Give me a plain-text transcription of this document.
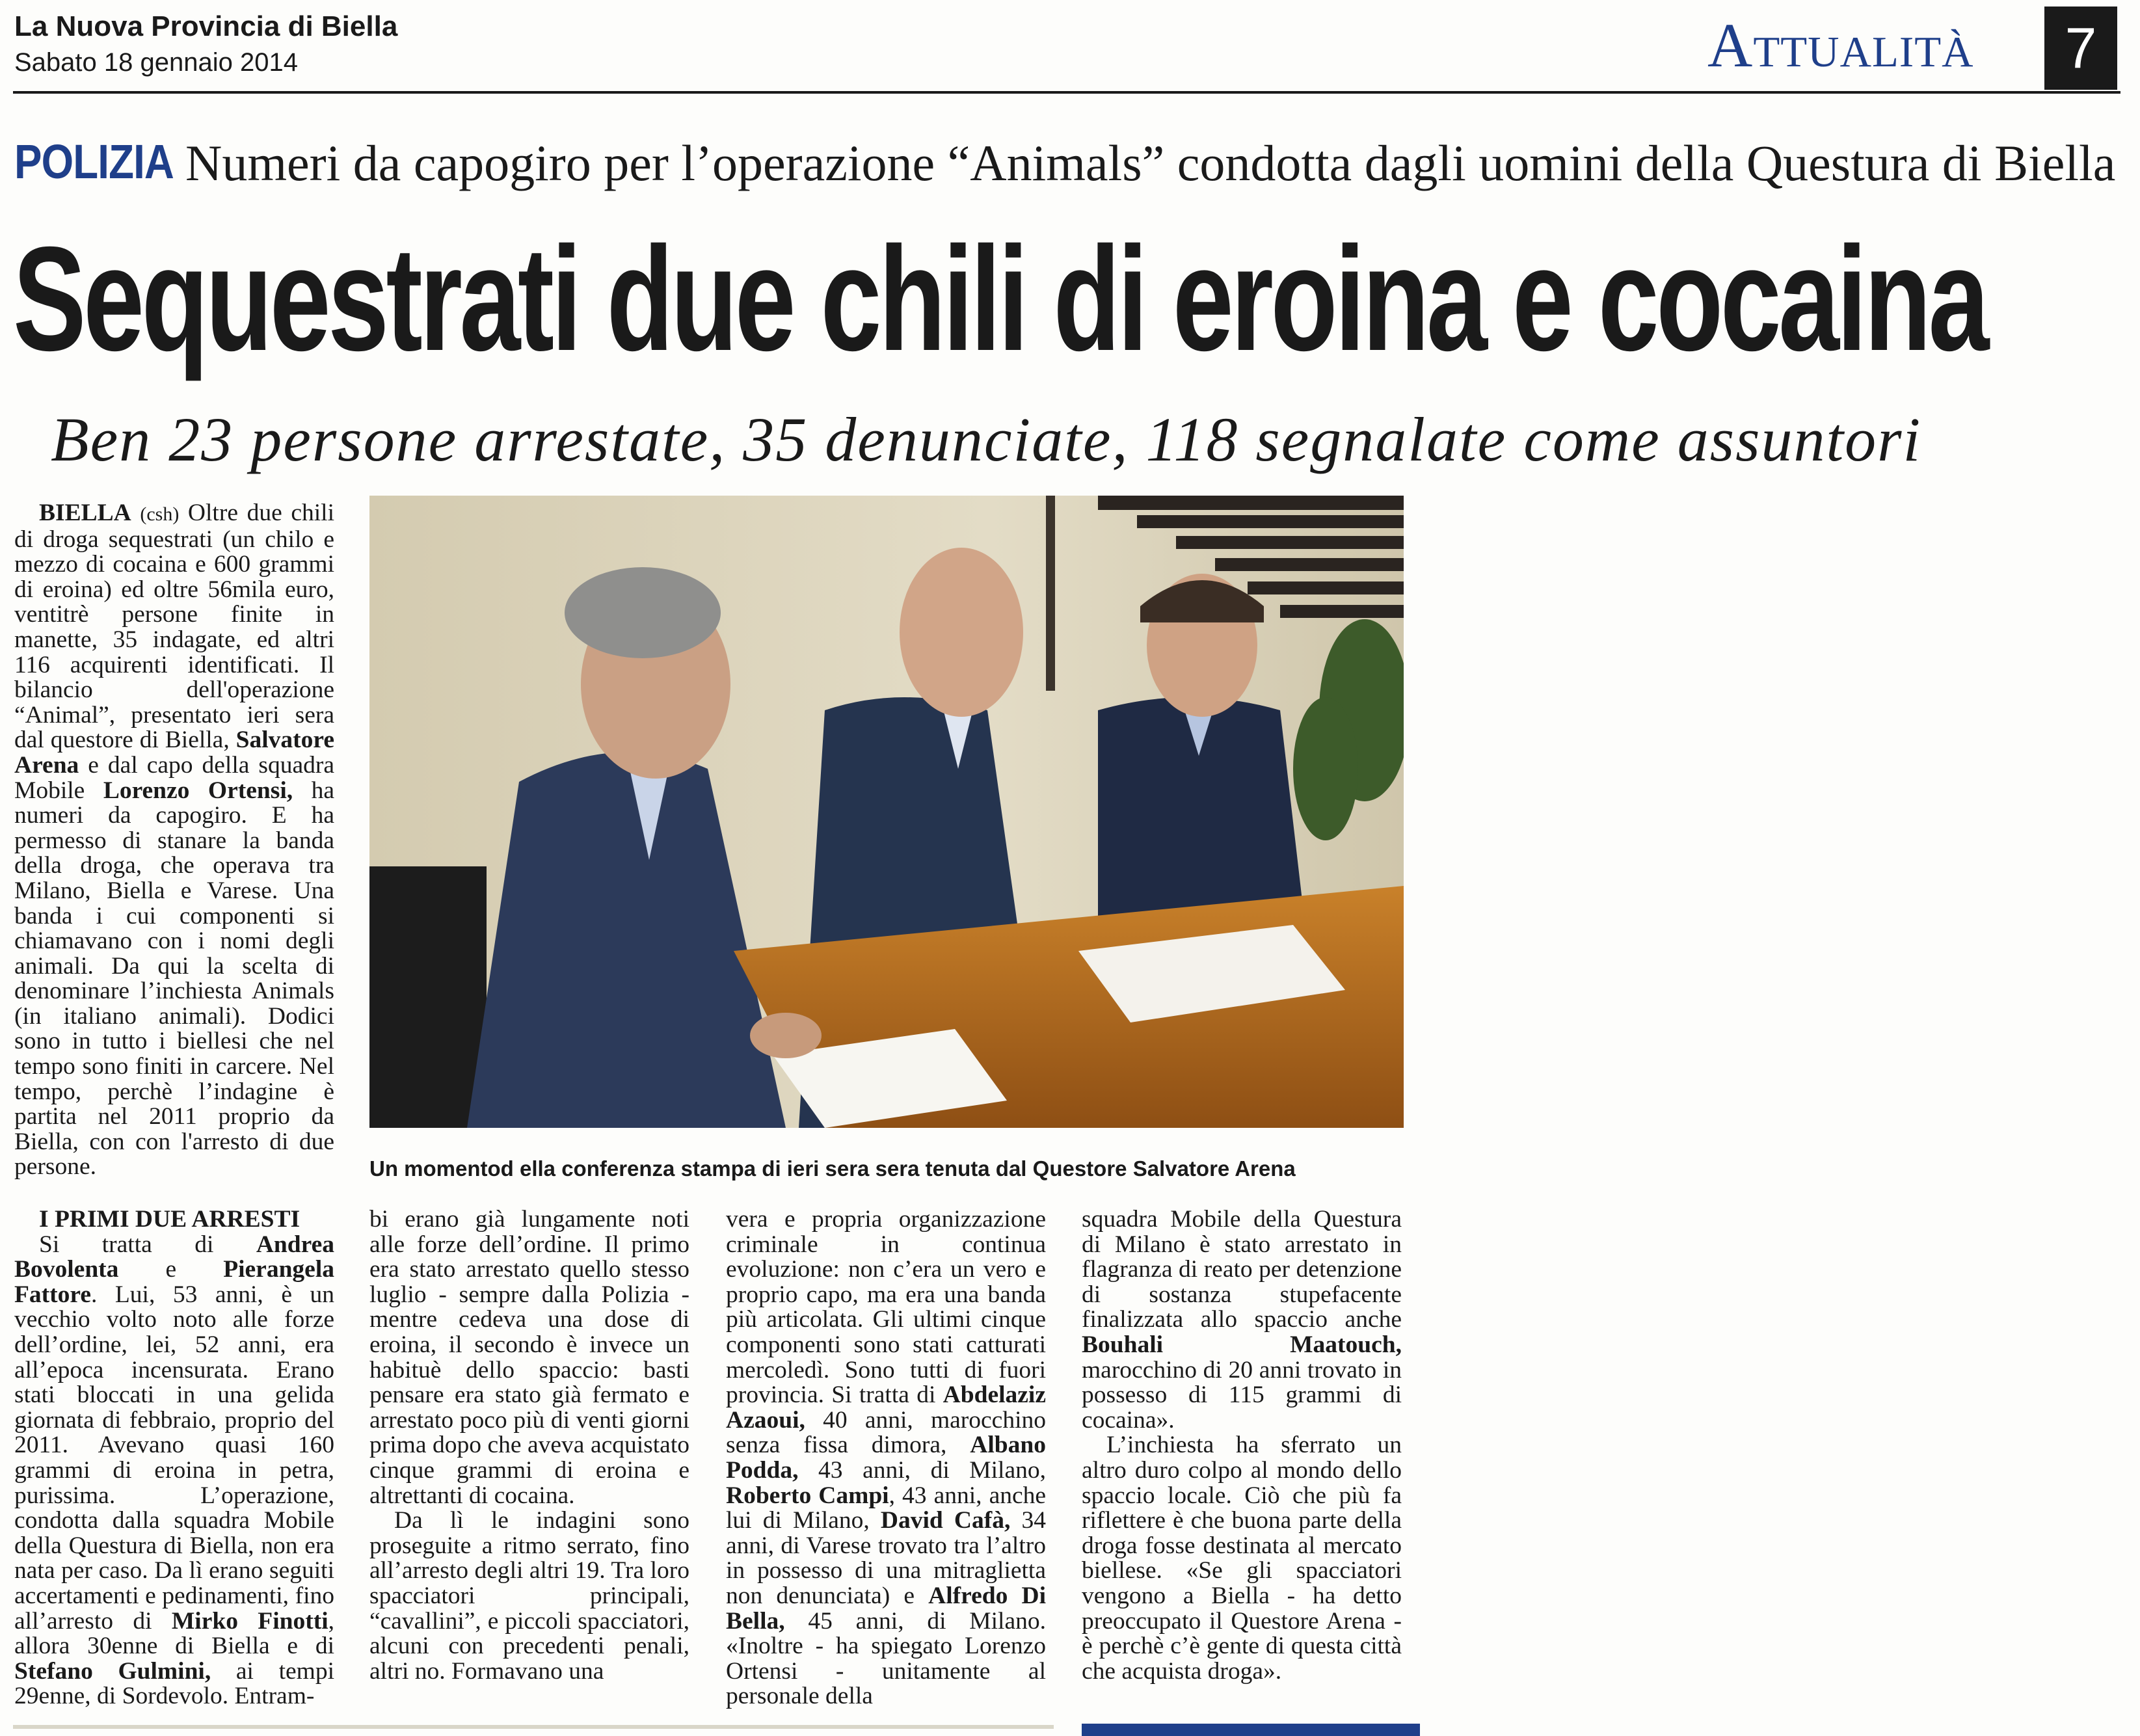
La Nuova Provincia di Biella
Sabato 18 gennaio 2014	Attualità	7
POLIZIA Numeri da capogiro per l’operazione “Animals” condotta dagli uomini della Questura di Biella
Sequestrati due chili di eroina e cocaina
Ben 23 persone arrestate, 35 denunciate, 118 segnalate come assuntori
Un momentod ella conferenza stampa di ieri sera sera tenuta dal Questore Salvatore Arena

BIELLA (csh) Oltre due chili di droga sequestrati (un chilo e mezzo di cocaina e 600 grammi di eroina) ed oltre 56mila euro, ventitrè persone finite in manette, 35 indagate, ed altri 116 acquirenti identificati. Il bilancio dell'operazione “Animal”, presentato ieri sera dal questore di Biella, Salvatore Arena e dal capo della squadra Mobile Lorenzo Ortensi, ha numeri da capogiro. E ha permesso di stanare la banda della droga, che operava tra Milano, Biella e Varese. Una banda i cui componenti si chiamavano con i nomi degli animali. Da qui la scelta di denominare l’inchiesta Animals (in italiano animali). Dodici sono in tutto i biellesi che nel tempo sono finiti in carcere. Nel tempo, perchè l’indagine è partita nel 2011 proprio da Biella, con con l'arresto di due persone.

I PRIMI DUE ARRESTI

Si tratta di Andrea Bovolenta e Pierangela Fattore. Lui, 53 anni, è un vecchio volto noto alle forze dell’ordine, lei, 52 anni, era all’epoca incensurata. Erano stati bloccati in una gelida giornata di febbraio, proprio del 2011. Avevano quasi 160 grammi di eroina in petra, purissima. L’operazione, condotta dalla squadra Mobile della Questura di Biella, non era nata per caso. Da lì erano seguiti accertamenti e pedinamenti, fino all’arresto di Mirko Finotti, allora 30enne di Biella e di Stefano Gulmini, ai tempi 29enne, di Sordevolo. Entram-

bi erano già lungamente noti alle forze dell’ordine. Il primo era stato arrestato quello stesso luglio - sempre dalla Polizia - mentre cedeva una dose di eroina, il secondo è invece un habituè dello spaccio: basti pensare era stato già fermato e arrestato poco più di venti giorni prima dopo che aveva acquistato cinque grammi di eroina e altrettanti di cocaina.

Da lì le indagini sono proseguite a ritmo serrato, fino all’arresto degli altri 19. Tra loro spacciatori principali, “cavallini”, e piccoli spacciatori, alcuni con precedenti penali, altri no. Formavano una

vera e propria organizzazione criminale in continua evoluzione: non c’era un vero e proprio capo, ma era una banda più articolata. Gli ultimi cinque componenti sono stati catturati mercoledì. Sono tutti di fuori provincia. Si tratta di Abdelaziz Azaoui, 40 anni, marocchino senza fissa dimora, Albano Podda, 43 anni, di Milano, Roberto Campi, 43 anni, anche lui di Milano, David Cafà, 34 anni, di Varese trovato tra l’altro in possesso di una mitraglietta non denunciata) e Alfredo Di Bella, 45 anni, di Milano. «Inoltre - ha spiegato Lorenzo Ortensi - unitamente al personale della

squadra Mobile della Questura di Milano è stato arrestato in flagranza di reato per detenzione di sostanza stupefacente finalizzata allo spaccio anche Bouhali Maatouch, marocchino di 20 anni trovato in possesso di 115 grammi di cocaina».

L’inchiesta ha sferrato un altro duro colpo al mondo dello spaccio locale. Ciò che più fa riflettere è che buona parte della droga fosse destinata al mercato biellese. «Se gli spacciatori vengono a Biella - ha detto preoccupato il Questore Arena - è perchè c’è gente di questa città che acquista droga».
